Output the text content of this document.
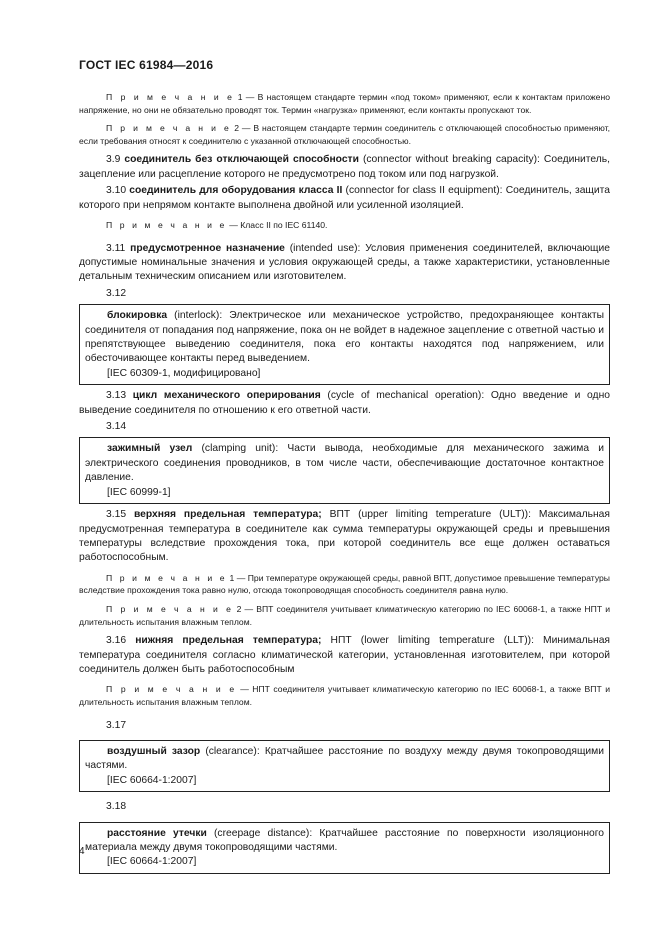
ГОСТ IEC 61984—2016

П р и м е ч а н и е 1 — В настоящем стандарте термин «под током» применяют, если к контактам приложено напряжение, но они не обязательно проводят ток. Термин «нагрузка» применяют, если контакты пропускают ток.

П р и м е ч а н и е 2 — В настоящем стандарте термин соединитель с отключающей способностью применяют, если требования относят к соединителю с указанной отключающей способностью.

3.9 соединитель без отключающей способности (connector without breaking capacity): Соединитель, зацепление или расцепление которого не предусмотрено под током или под нагрузкой.

3.10 соединитель для оборудования класса II (connector for class II equipment): Соединитель, защита которого при непрямом контакте выполнена двойной или усиленной изоляцией.

П р и м е ч а н и е — Класс II по IEC 61140.

3.11 предусмотренное назначение (intended use): Условия применения соединителей, включающие допустимые номинальные значения и условия окружающей среды, а также характеристики, установленные детальным техническим описанием или изготовителем.

3.12

блокировка (interlock): Электрическое или механическое устройство, предохраняющее контакты соединителя от попадания под напряжение, пока он не войдет в надежное зацепление с ответной частью и препятствующее выведению соединителя, пока его контакты находятся под напряжением, или обесточивающее контакты перед выведением.

[IEC 60309-1, модифицировано]

3.13 цикл механического оперирования (cycle of mechanical operation): Одно введение и одно выведение соединителя по отношению к его ответной части.

3.14

зажимный узел (clamping unit): Части вывода, необходимые для механического зажима и электрического соединения проводников, в том числе части, обеспечивающие достаточное контактное давление.

[IEC 60999-1]

3.15 верхняя предельная температура; ВПТ (upper limiting temperature (ULT)): Максимальная предусмотренная температура в соединителе как сумма температуры окружающей среды и превышения температуры вследствие прохождения тока, при которой соединитель все еще должен оставаться работоспособным.

П р и м е ч а н и е 1 — При температуре окружающей среды, равной ВПТ, допустимое превышение температуры вследствие прохождения тока равно нулю, отсюда токопроводящая способность соединителя равна нулю.

П р и м е ч а н и е 2 — ВПТ соединителя учитывает климатическую категорию по IEC 60068-1, а также НПТ и длительность испытания влажным теплом.

3.16 нижняя предельная температура; НПТ (lower limiting temperature (LLT)): Минимальная температура соединителя согласно климатической категории, установленная изготовителем, при которой соединитель должен быть работоспособным

П р и м е ч а н и е — НПТ соединителя учитывает климатическую категорию по IEC 60068-1, а также ВПТ и длительность испытания влажным теплом.

3.17

воздушный зазор (clearance): Кратчайшее расстояние по воздуху между двумя токопроводящими частями.

[IEC 60664-1:2007]
3.18

расстояние утечки (creepage distance): Кратчайшее расстояние по поверхности изоляционного материала между двумя токопроводящими частями.

[IEC 60664-1:2007]
4
